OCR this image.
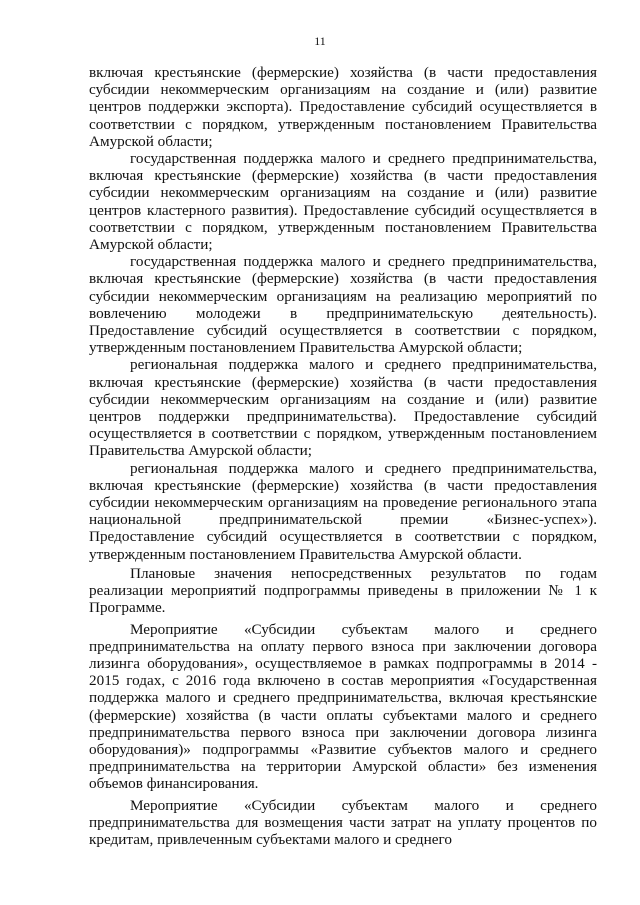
11

включая крестьянские (фермерские) хозяйства (в части предоставления субсидии некоммерческим организациям на создание и (или) развитие центров поддержки экспорта). Предоставление субсидий осуществляется в соответствии с порядком, утвержденным постановлением Правительства Амурской области;

государственная поддержка малого и среднего предпринимательства, включая крестьянские (фермерские) хозяйства (в части предоставления субсидии некоммерческим организациям на создание и (или) развитие центров кластерного развития). Предоставление субсидий осуществляется в соответствии с порядком, утвержденным постановлением Правительства Амурской области;

государственная поддержка малого и среднего предпринимательства, включая крестьянские (фермерские) хозяйства (в части предоставления субсидии некоммерческим организациям на реализацию мероприятий по вовлечению молодежи в предпринимательскую деятельность). Предоставление субсидий осуществляется в соответствии с порядком, утвержденным постановлением Правительства Амурской области;

региональная поддержка малого и среднего предпринимательства, включая крестьянские (фермерские) хозяйства (в части предоставления субсидии некоммерческим организациям на создание и (или) развитие центров поддержки предпринимательства). Предоставление субсидий осуществляется в соответствии с порядком, утвержденным постановлением Правительства Амурской области;

региональная поддержка малого и среднего предпринимательства, включая крестьянские (фермерские) хозяйства (в части предоставления субсидии некоммерческим организациям на проведение регионального этапа национальной предпринимательской премии «Бизнес-успех»). Предоставление субсидий осуществляется в соответствии с порядком, утвержденным постановлением Правительства Амурской области.

Плановые значения непосредственных результатов по годам реализации мероприятий подпрограммы приведены в приложении № 1 к Программе.

Мероприятие «Субсидии субъектам малого и среднего предпринимательства на оплату первого взноса при заключении договора лизинга оборудования», осуществляемое в рамках подпрограммы в 2014 - 2015 годах, с 2016 года включено в состав мероприятия «Государственная поддержка малого и среднего предпринимательства, включая крестьянские (фермерские) хозяйства (в части оплаты субъектами малого и среднего предпринимательства первого взноса при заключении договора лизинга оборудования)» подпрограммы «Развитие субъектов малого и среднего предпринимательства на территории Амурской области» без изменения объемов финансирования.

Мероприятие «Субсидии субъектам малого и среднего предпринимательства для возмещения части затрат на уплату процентов по кредитам, привлеченным субъектами малого и среднего
